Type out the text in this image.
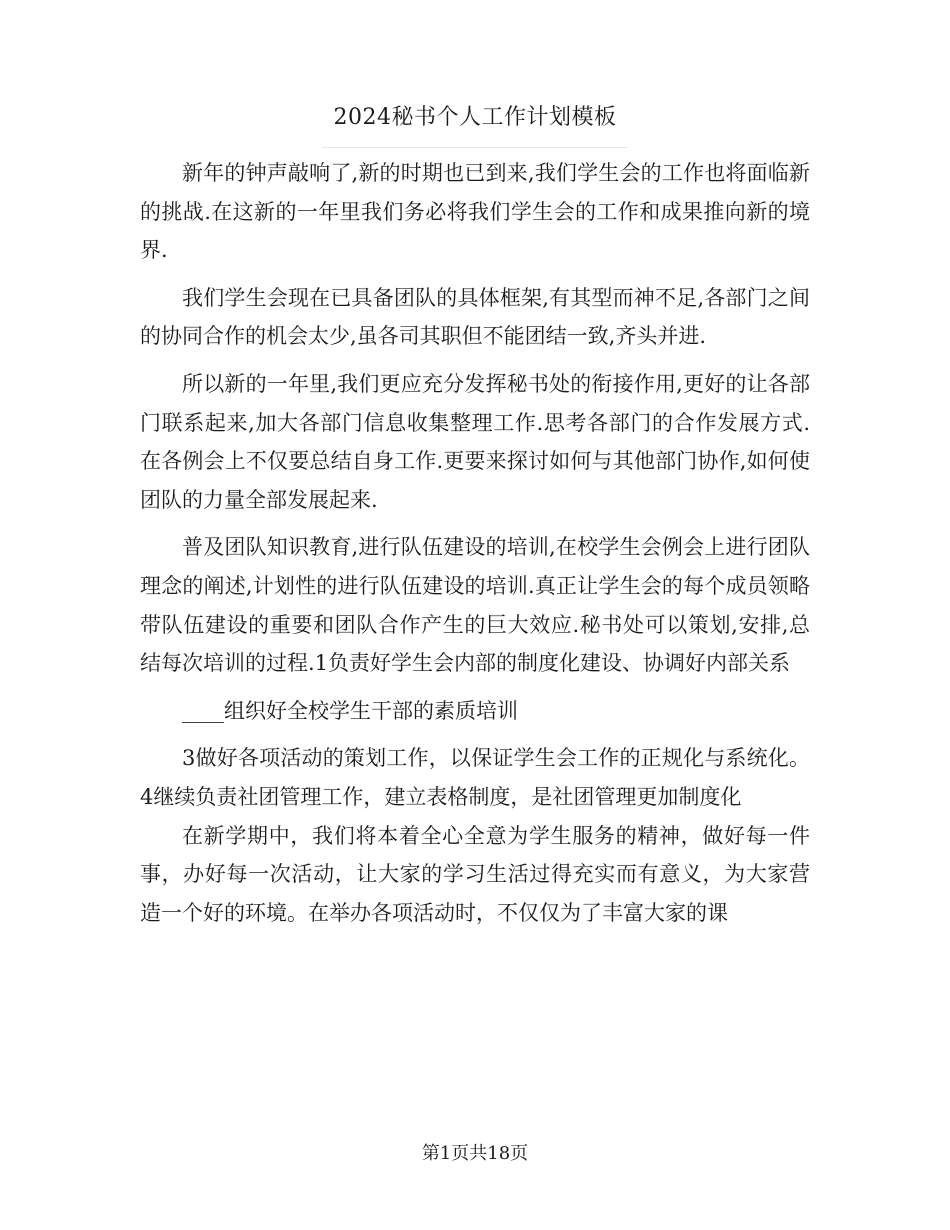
2024秘书个人工作计划模板

新年的钟声敲响了,新的时期也已到来,我们学生会的工作也将面临新的挑战.在这新的一年里我们务必将我们学生会的工作和成果推向新的境界.

我们学生会现在已具备团队的具体框架,有其型而神不足,各部门之间的协同合作的机会太少,虽各司其职但不能团结一致,齐头并进.

所以新的一年里,我们更应充分发挥秘书处的衔接作用,更好的让各部门联系起来,加大各部门信息收集整理工作.思考各部门的合作发展方式.在各例会上不仅要总结自身工作.更要来探讨如何与其他部门协作,如何使团队的力量全部发展起来.

普及团队知识教育,进行队伍建设的培训,在校学生会例会上进行团队理念的阐述,计划性的进行队伍建设的培训.真正让学生会的每个成员领略带队伍建设的重要和团队合作产生的巨大效应.秘书处可以策划,安排,总结每次培训的过程.1负责好学生会内部的制度化建设、协调好内部关系

____组织好全校学生干部的素质培训

3做好各项活动的策划工作，以保证学生会工作的正规化与系统化。4继续负责社团管理工作，建立表格制度，是社团管理更加制度化

在新学期中，我们将本着全心全意为学生服务的精神，做好每一件事，办好每一次活动，让大家的学习生活过得充实而有意义，为大家营造一个好的环境。在举办各项活动时，不仅仅为了丰富大家的课

第1页共18页
